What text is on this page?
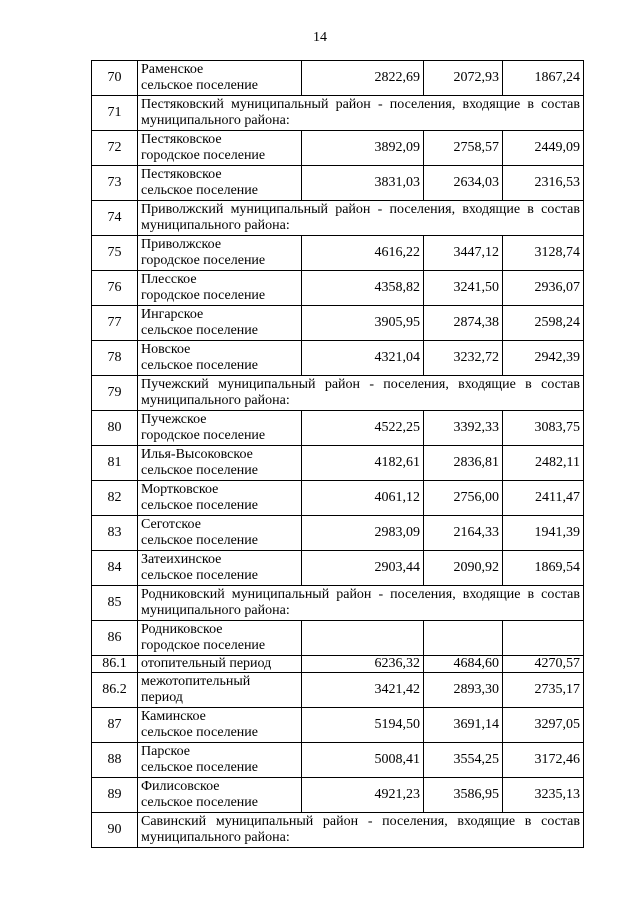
14
70	Раменское
сельское поселение	2822,69	2072,93	1867,24
71	Пестяковский муниципальный район - поселения, входящие в состав муниципального района:			
72	Пестяковское
городское поселение	3892,09	2758,57	2449,09
73	Пестяковское
сельское поселение	3831,03	2634,03	2316,53
74	Приволжский муниципальный район - поселения, входящие в состав муниципального района:			
75	Приволжское
городское поселение	4616,22	3447,12	3128,74
76	Плесское
городское поселение	4358,82	3241,50	2936,07
77	Ингарское
сельское поселение	3905,95	2874,38	2598,24
78	Новское
сельское поселение	4321,04	3232,72	2942,39
79	Пучежский муниципальный район - поселения, входящие в состав муниципального района:			
80	Пучежское
городское поселение	4522,25	3392,33	3083,75
81	Илья-Высоковское
сельское поселение	4182,61	2836,81	2482,11
82	Мортковское
сельское поселение	4061,12	2756,00	2411,47
83	Сеготское
сельское поселение	2983,09	2164,33	1941,39
84	Затеихинское
сельское поселение	2903,44	2090,92	1869,54
85	Родниковский муниципальный район - поселения, входящие в состав муниципального района:			
86	Родниковское
городское поселение			

86.1	отопительный период	6236,32	4684,60	4270,57
86.2	межотопительный
период	3421,42	2893,30	2735,17
87	Каминское
сельское поселение	5194,50	3691,14	3297,05
88	Парское
сельское поселение	5008,41	3554,25	3172,46
89	Филисовское
сельское поселение	4921,23	3586,95	3235,13
90	Савинский муниципальный район - поселения, входящие в состав муниципального района:			
